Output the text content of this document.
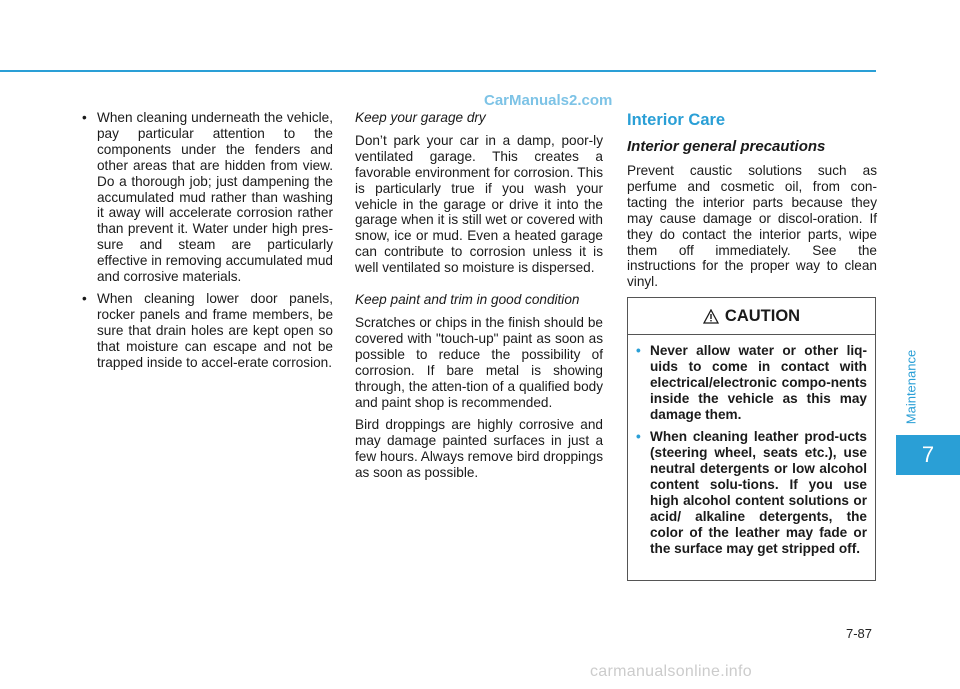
CarManuals2.com
• When cleaning underneath the vehicle, pay particular attention to the components under the fenders and other areas that are hidden from view. Do a thorough job; just dampening the accumulated mud rather than washing it away will accelerate corrosion rather than prevent it. Water under high pres-sure and steam are particularly effective in removing accumulated mud and corrosive materials.
• When cleaning lower door panels, rocker panels and frame members, be sure that drain holes are kept open so that moisture can escape and not be trapped inside to accel-erate corrosion.

Keep your garage dry

Don’t park your car in a damp, poor-ly ventilated garage. This creates a favorable environment for corrosion. This is particularly true if you wash your vehicle in the garage or drive it into the garage when it is still wet or covered with snow, ice or mud. Even a heated garage can contribute to corrosion unless it is well ventilated so moisture is dispersed.

Keep paint and trim in good condition

Scratches or chips in the finish should be covered with "touch-up" paint as soon as possible to reduce the possibility of corrosion. If bare metal is showing through, the atten-tion of a qualified body and paint shop is recommended.

Bird droppings are highly corrosive and may damage painted surfaces in just a few hours. Always remove bird droppings as soon as possible.

Interior Care

Interior general precautions

Prevent caustic solutions such as perfume and cosmetic oil, from con-tacting the interior parts because they may cause damage or discol-oration. If they do contact the interior parts, wipe them off immediately. See the instructions for the proper way to clean vinyl.

CAUTION
• Never allow water or other liq-uids to come in contact with electrical/electronic compo-nents inside the vehicle as this may damage them.
• When cleaning leather prod-ucts (steering wheel, seats etc.), use neutral detergents or low alcohol content solu-tions. If you use high alcohol content solutions or acid/ alkaline detergents, the color of the leather may fade or the surface may get stripped off.
Maintenance
7
7-87
carmanualsonline.info
